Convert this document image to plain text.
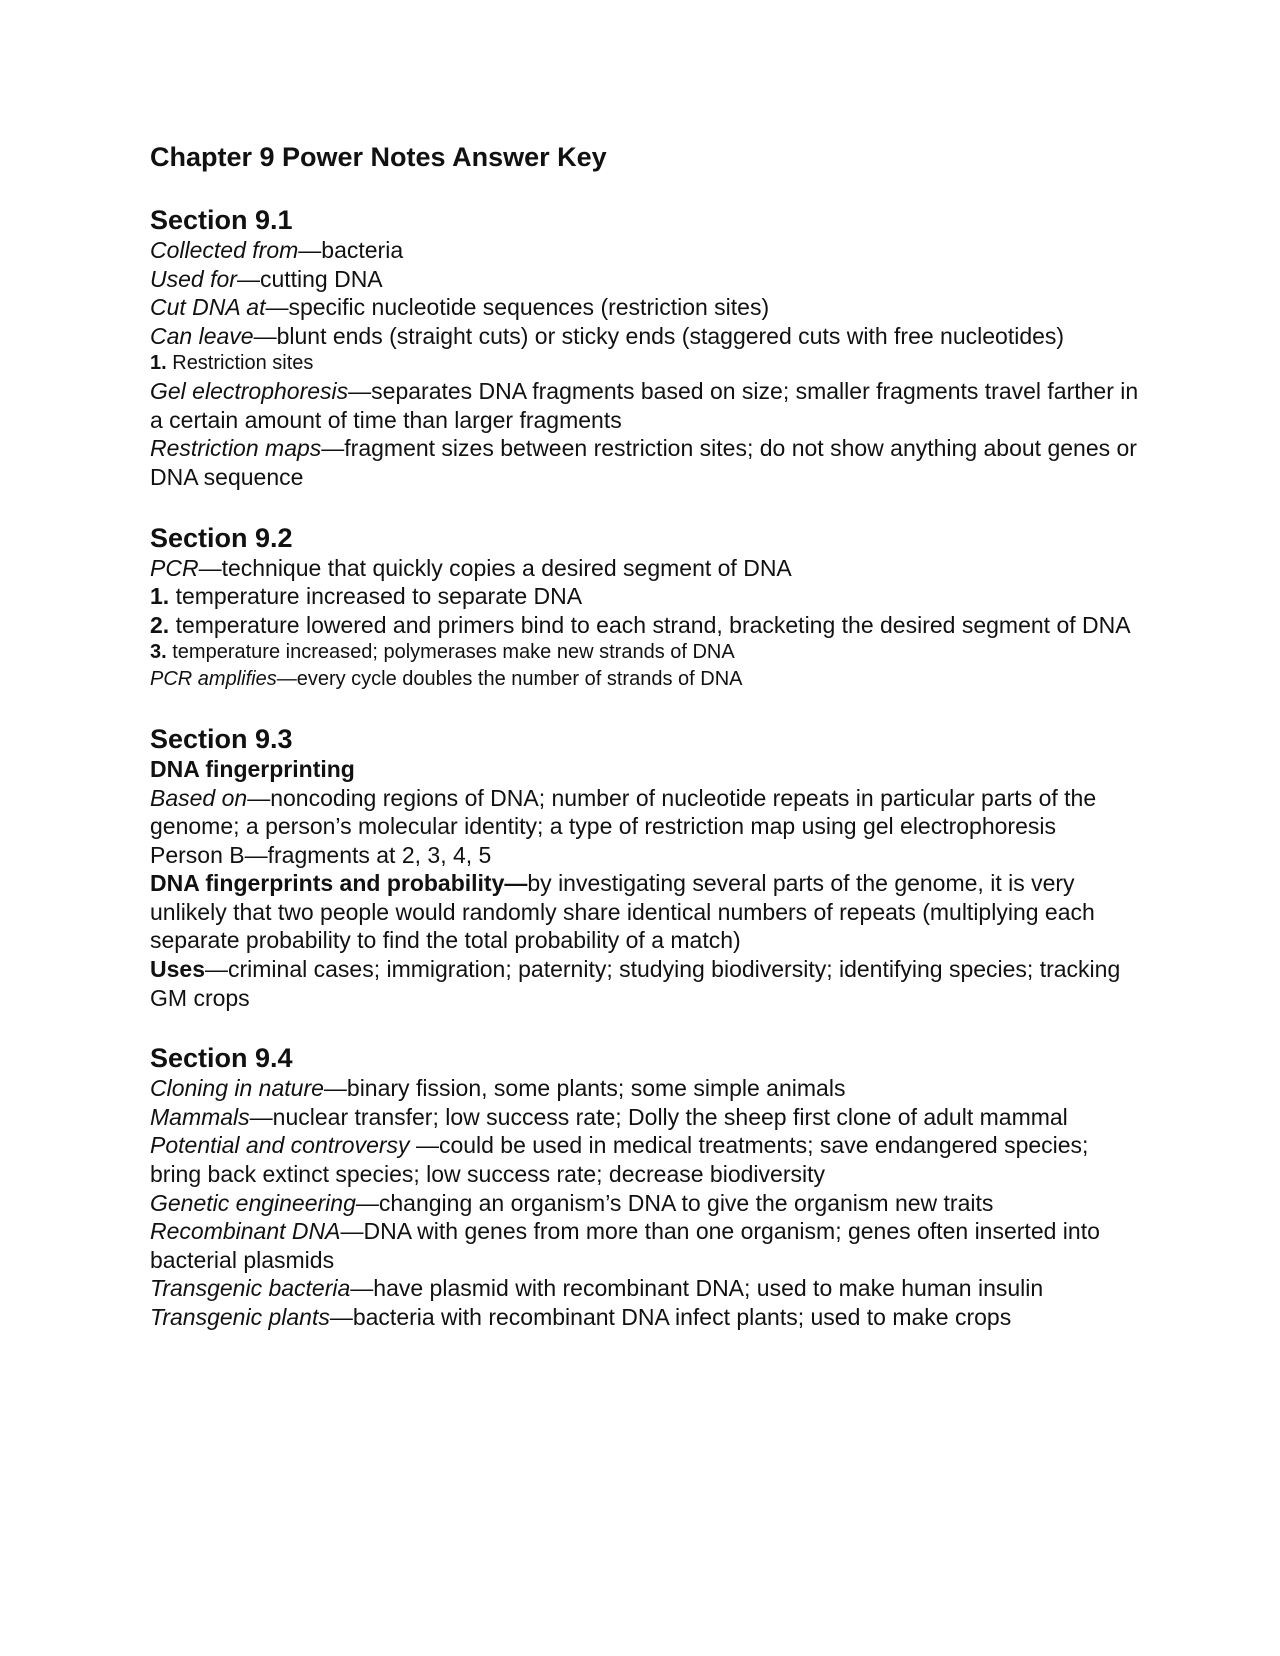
Chapter 9 Power Notes Answer Key
Section 9.1

Collected from—bacteria

Used for—cutting DNA

Cut DNA at—specific nucleotide sequences (restriction sites)

Can leave—blunt ends (straight cuts) or sticky ends (staggered cuts with free nucleotides)

1. Restriction sites

Gel electrophoresis—separates DNA fragments based on size; smaller fragments travel farther in a certain amount of time than larger fragments

Restriction maps—fragment sizes between restriction sites; do not show anything about genes or DNA sequence

Section 9.2

PCR—technique that quickly copies a desired segment of DNA

1. temperature increased to separate DNA

2. temperature lowered and primers bind to each strand, bracketing the desired segment of DNA

3. temperature increased; polymerases make new strands of DNA

PCR amplifies—every cycle doubles the number of strands of DNA

Section 9.3

DNA fingerprinting

Based on—noncoding regions of DNA; number of nucleotide repeats in particular parts of the genome; a person’s molecular identity; a type of restriction map using gel electrophoresis

Person B—fragments at 2, 3, 4, 5

DNA fingerprints and probability—by investigating several parts of the genome, it is very unlikely that two people would randomly share identical numbers of repeats (multiplying each separate probability to find the total probability of a match)

Uses—criminal cases; immigration; paternity; studying biodiversity; identifying species; tracking GM crops

Section 9.4

Cloning in nature—binary fission, some plants; some simple animals

Mammals—nuclear transfer; low success rate; Dolly the sheep first clone of adult mammal

Potential and controversy —could be used in medical treatments; save endangered species; bring back extinct species; low success rate; decrease biodiversity

Genetic engineering—changing an organism’s DNA to give the organism new traits

Recombinant DNA—DNA with genes from more than one organism; genes often inserted into bacterial plasmids

Transgenic bacteria—have plasmid with recombinant DNA; used to make human insulin

Transgenic plants—bacteria with recombinant DNA infect plants; used to make crops
